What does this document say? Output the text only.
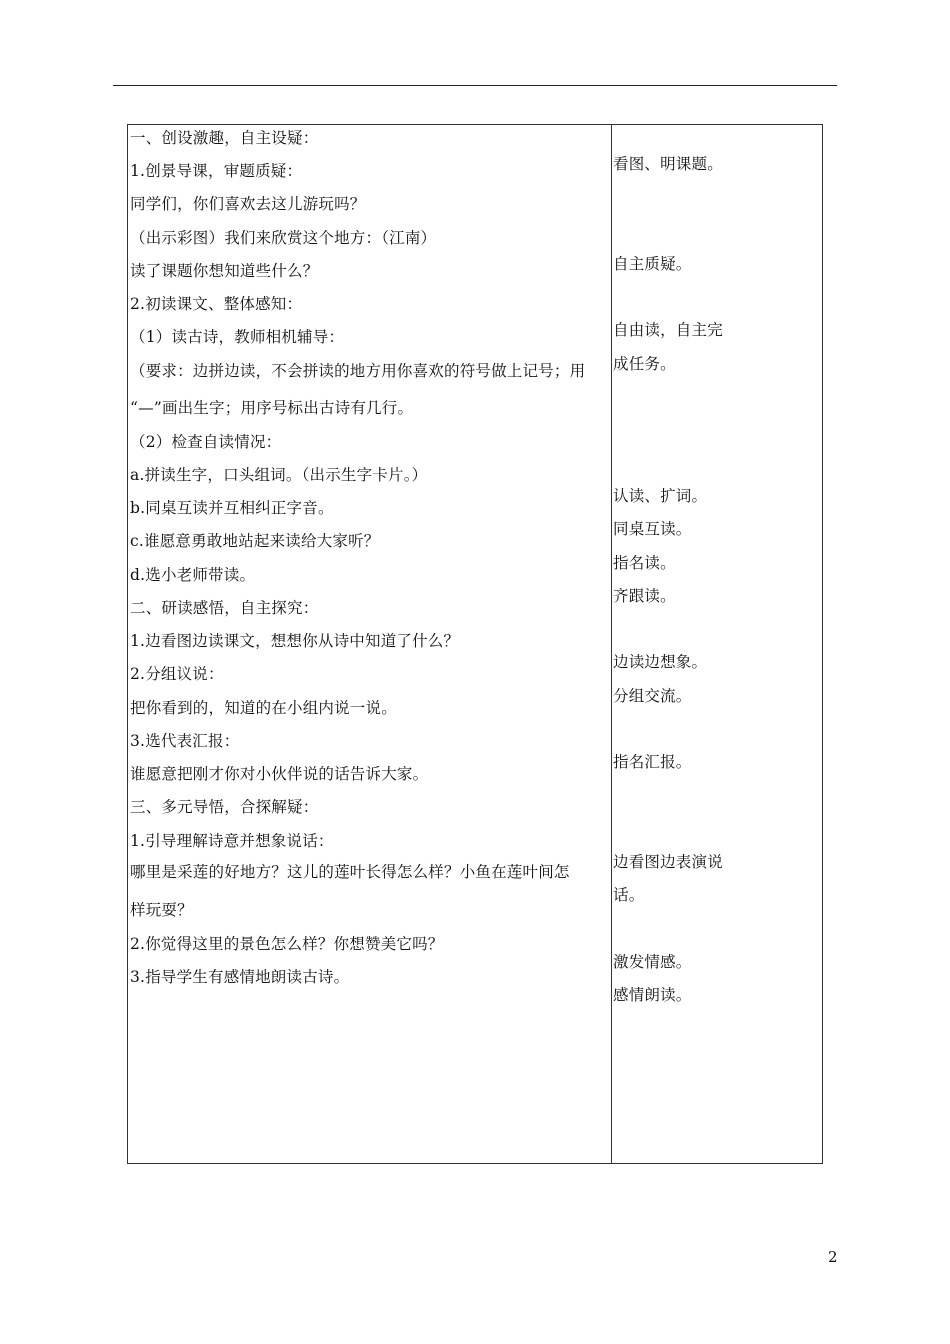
一、创设激趣，自主设疑：
1.创景导课，审题质疑：
同学们，你们喜欢去这儿游玩吗？
（出示彩图）我们来欣赏这个地方：（江南）
读了课题你想知道些什么？
2.初读课文、整体感知：
（1）读古诗，教师相机辅导：
（要求：边拼边读，不会拼读的地方用你喜欢的符号做上记号；用
“—”画出生字；用序号标出古诗有几行。
（2）检查自读情况：
a.拼读生字，口头组词。（出示生字卡片。）
b.同桌互读并互相纠正字音。
c.谁愿意勇敢地站起来读给大家听？
d.选小老师带读。
二、研读感悟，自主探究：
1.边看图边读课文，想想你从诗中知道了什么？
2.分组议说：
把你看到的，知道的在小组内说一说。
3.选代表汇报：
谁愿意把刚才你对小伙伴说的话告诉大家。
三、多元导悟，合探解疑：
1.引导理解诗意并想象说话：
哪里是采莲的好地方？这儿的莲叶长得怎么样？小鱼在莲叶间怎
样玩耍？
2.你觉得这里的景色怎么样？你想赞美它吗？
3.指导学生有感情地朗读古诗。
看图、明课题。
自主质疑。
自由读，自主完
成任务。
认读、扩词。
同桌互读。
指名读。
齐跟读。
边读边想象。
分组交流。
指名汇报。
边看图边表演说
话。
激发情感。
感情朗读。
2
